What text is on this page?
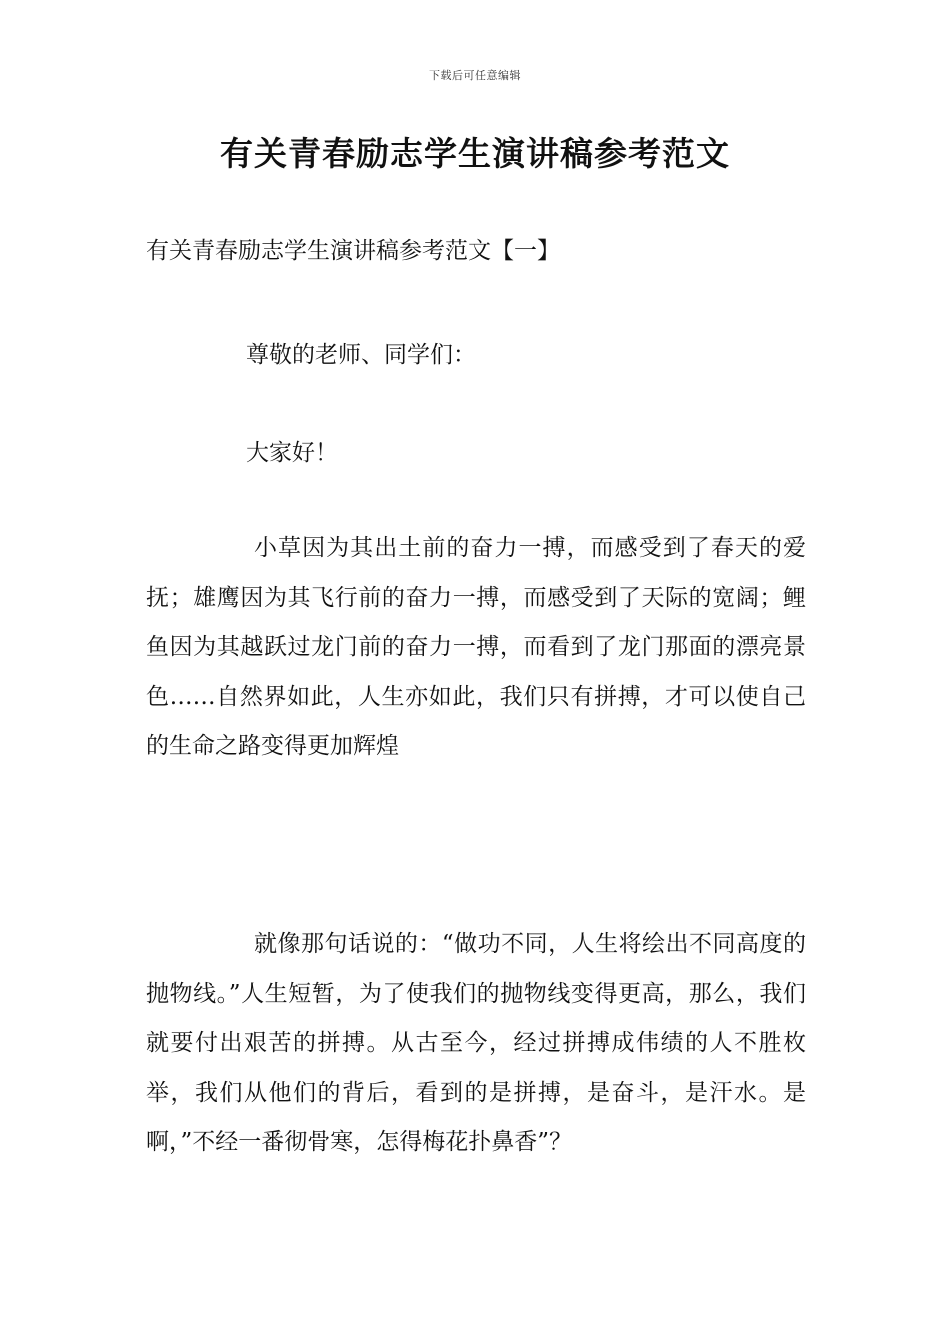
下载后可任意编辑
有关青春励志学生演讲稿参考范文
有关青春励志学生演讲稿参考范文【一】

尊敬的老师、同学们：

大家好！

小草因为其出土前的奋力一搏，而感受到了春天的爱抚；雄鹰因为其飞行前的奋力一搏，而感受到了天际的宽阔；鲤鱼因为其越跃过龙门前的奋力一搏，而看到了龙门那面的漂亮景色……自然界如此，人生亦如此，我们只有拼搏，才可以使自己的生命之路变得更加辉煌

就像那句话说的：“做功不同，人生将绘出不同高度的抛物线。”人生短暂，为了使我们的抛物线变得更高，那么，我们就要付出艰苦的拼搏。从古至今，经过拼搏成伟绩的人不胜枚举，我们从他们的背后，看到的是拼搏，是奋斗，是汗水。是啊，”不经一番彻骨寒，怎得梅花扑鼻香”？
